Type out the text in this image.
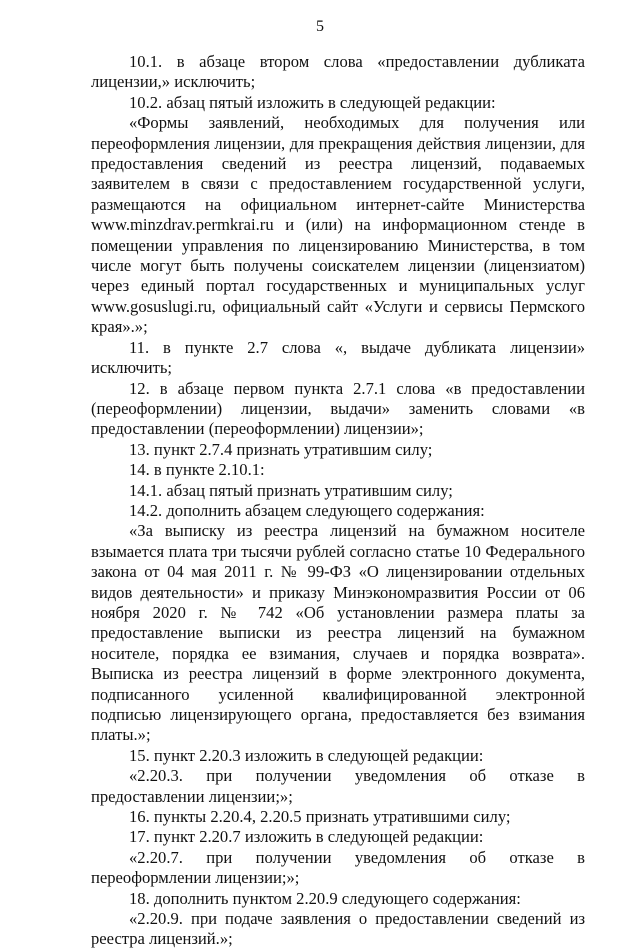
5

10.1. в абзаце втором слова «предоставлении дубликата лицензии,» исключить;

10.2. абзац пятый изложить в следующей редакции:

«Формы заявлений, необходимых для получения или переоформления лицензии, для прекращения действия лицензии, для предоставления сведений из реестра лицензий, подаваемых заявителем в связи с предоставлением государственной услуги, размещаются на официальном интернет-сайте Министерства www.minzdrav.permkrai.ru и (или) на информационном стенде в помещении управления по лицензированию Министерства, в том числе могут быть получены соискателем лицензии (лицензиатом) через единый портал государственных и муниципальных услуг www.gosuslugi.ru, официальный сайт «Услуги и сервисы Пермского края».»;

11. в пункте 2.7 слова «, выдаче дубликата лицензии» исключить;

12. в абзаце первом пункта 2.7.1 слова «в предоставлении (переоформлении) лицензии, выдачи» заменить словами «в предоставлении (переоформлении) лицензии»;

13. пункт 2.7.4 признать утратившим силу;

14. в пункте 2.10.1:

14.1. абзац пятый признать утратившим силу;

14.2. дополнить абзацем следующего содержания:

«За выписку из реестра лицензий на бумажном носителе взымается плата три тысячи рублей согласно статье 10 Федерального закона от 04 мая 2011 г. № 99-ФЗ «О лицензировании отдельных видов деятельности» и приказу Минэкономразвития России от 06 ноября 2020 г. № 742 «Об установлении размера платы за предоставление выписки из реестра лицензий на бумажном носителе, порядка ее взимания, случаев и порядка возврата». Выписка из реестра лицензий в форме электронного документа, подписанного усиленной квалифицированной электронной подписью лицензирующего органа, предоставляется без взимания платы.»;

15. пункт 2.20.3 изложить в следующей редакции:

«2.20.3. при получении уведомления об отказе в предоставлении лицензии;»;

16. пункты 2.20.4, 2.20.5 признать утратившими силу;

17. пункт 2.20.7 изложить в следующей редакции:

«2.20.7. при получении уведомления об отказе в переоформлении лицензии;»;

18. дополнить пунктом 2.20.9 следующего содержания:

«2.20.9. при подаче заявления о предоставлении сведений из реестра лицензий.»;
